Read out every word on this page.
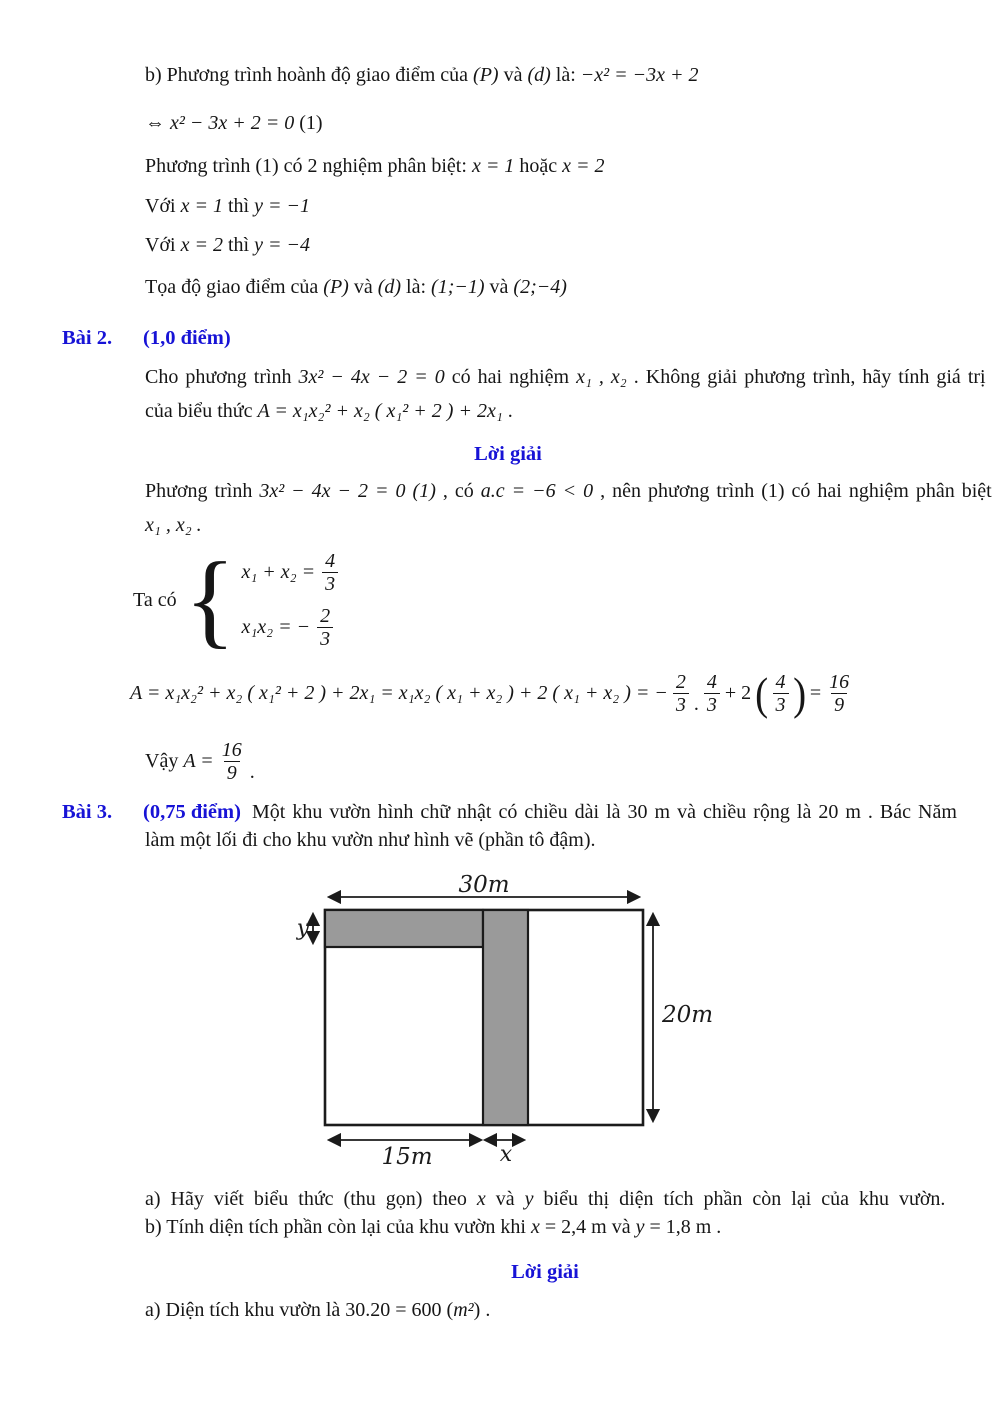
b) Phương trình hoành độ giao điểm của (P) và (d) là: −x² = −3x + 2
⇔ x² − 3x + 2 = 0 (1)
Phương trình (1) có 2 nghiệm phân biệt: x = 1 hoặc x = 2
Với x = 1 thì y = −1
Với x = 2 thì y = −4
Tọa độ giao điểm của (P) và (d) là: (1;−1) và (2;−4)
Bài 2. (1,0 điểm)
Cho phương trình 3x² − 4x − 2 = 0 có hai nghiệm x₁ , x₂ . Không giải phương trình, hãy tính giá trị
của biểu thức A = x₁x₂² + x₂ ( x₁² + 2 ) + 2x₁ .
Lời giải
Phương trình 3x² − 4x − 2 = 0 (1) , có a.c = −6 < 0 , nên phương trình (1) có hai nghiệm phân biệt
x₁ , x₂ .
Ta có { $x_1 + x_2 = \frac{4}{3}$
x₁x₂ = − $\frac{2}{3}$
A = x₁x₂² + x₂ ( x₁² + 2 ) + 2x₁ = x₁x₂ ( x₁ + x₂ ) + 2 ( x₁ + x₂ ) = − $\frac{2}{3}$ . $\frac{4}{3} + 2$ ( $\frac{4}{3}$ ) = $\frac{16}{9}$
Vậy $A = \frac{16}{9}$ .
Bài 3. (0,75 điểm) Một khu vườn hình chữ nhật có chiều dài là 30 m và chiều rộng là 20 m . Bác Năm
làm một lối đi cho khu vườn như hình vẽ (phần tô đậm).
30m
20m
y
15m	x
a) Hãy viết biểu thức (thu gọn) theo x và y biểu thị diện tích phần còn lại của khu vườn.
b) Tính diện tích phần còn lại của khu vườn khi x = 2,4 m và y = 1,8 m .
Lời giải
a) Diện tích khu vườn là 30.20 = 600 (m²) .
